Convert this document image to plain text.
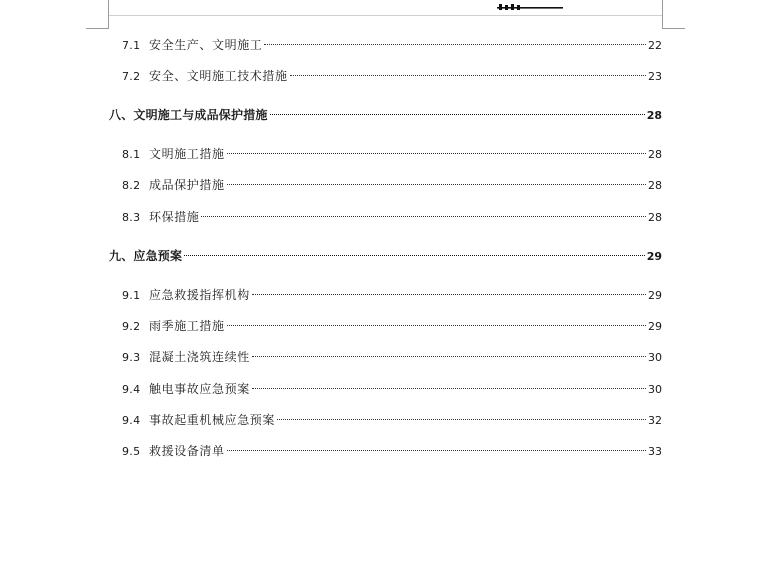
7.1 安全生产、文明施工	22
7.2 安全、文明施工技术措施	23
八、文明施工与成品保护措施	28
8.1 文明施工措施	28
8.2 成品保护措施	28
8.3 环保措施	28
九、应急预案	29
9.1 应急救援指挥机构	29
9.2 雨季施工措施	29
9.3 混凝土浇筑连续性	30
9.4 触电事故应急预案	30
9.4 事故起重机械应急预案	32
9.5 救援设备清单	33
